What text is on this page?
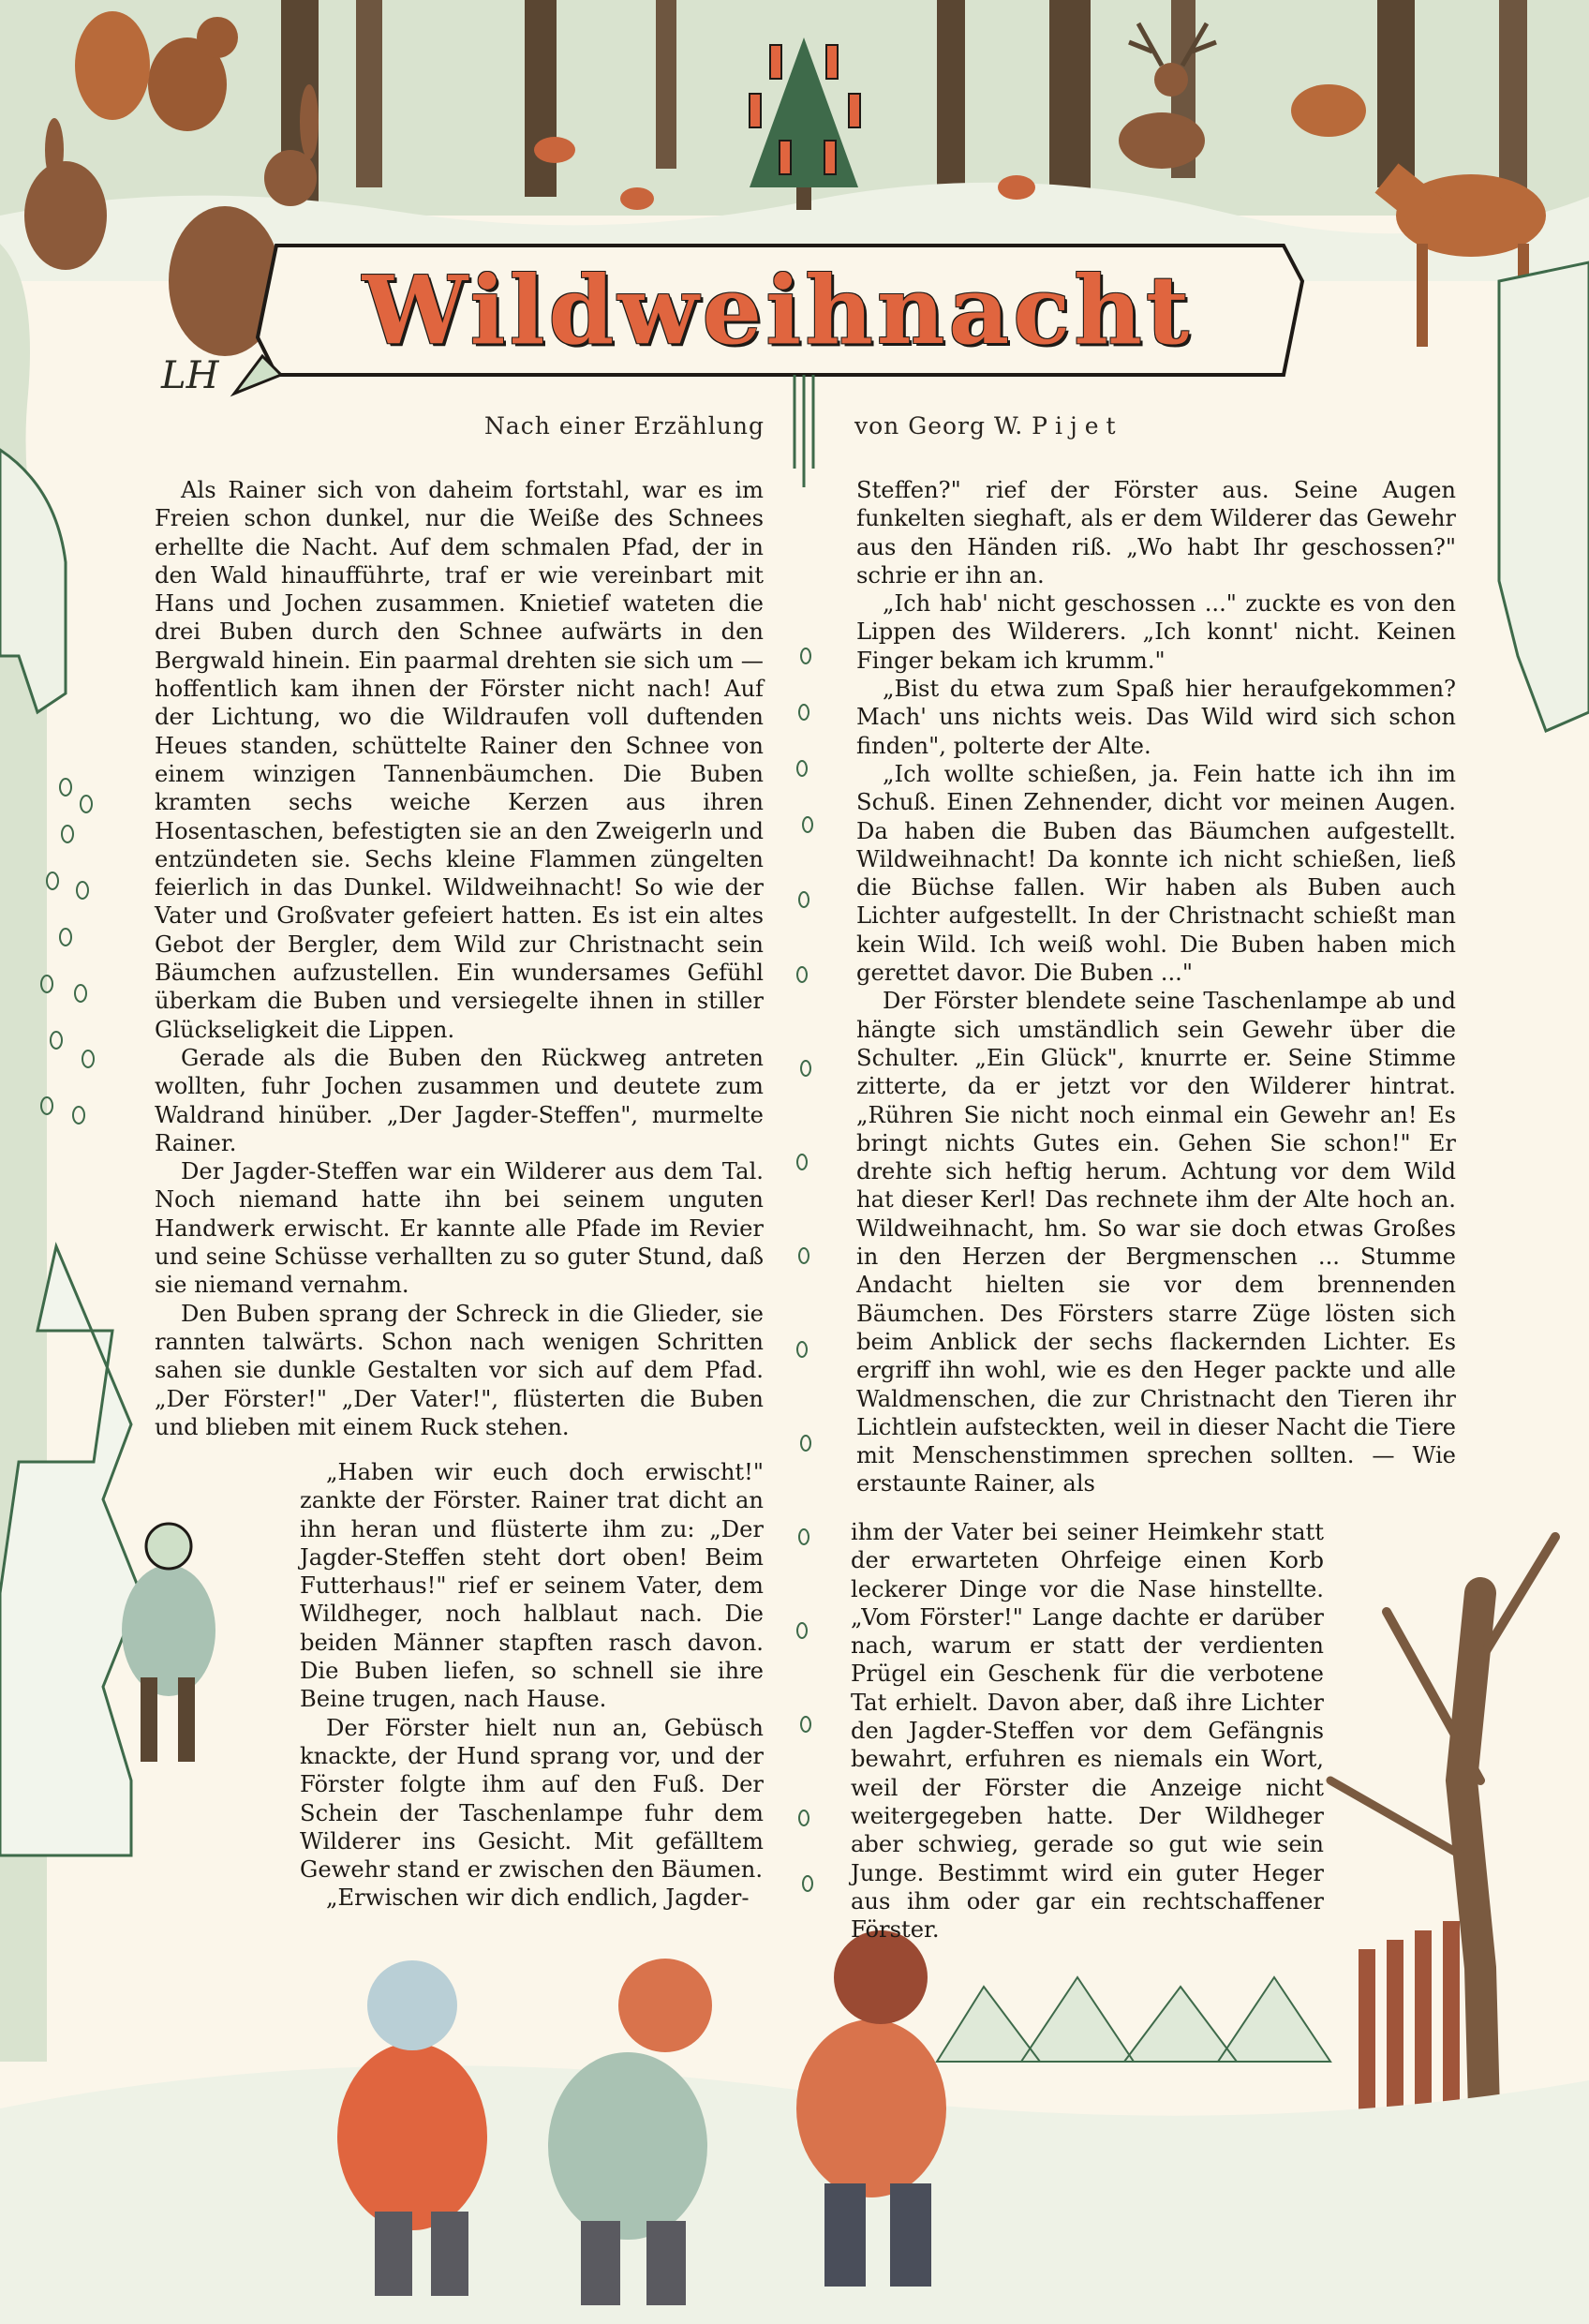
Wildweihnacht
LH
Nach einer Erzählung	von Georg W. Pijet

Als Rainer sich von daheim fortstahl, war es im Freien schon dunkel, nur die Weiße des Schnees erhellte die Nacht. Auf dem schmalen Pfad, der in den Wald hinaufführte, traf er wie vereinbart mit Hans und Jochen zusammen. Knietief wateten die drei Buben durch den Schnee aufwärts in den Bergwald hinein. Ein paarmal drehten sie sich um — hoffentlich kam ihnen der Förster nicht nach! Auf der Lichtung, wo die Wildraufen voll duftenden Heues standen, schüttelte Rainer den Schnee von einem winzigen Tannenbäumchen. Die Buben kramten sechs weiche Kerzen aus ihren Hosentaschen, befestigten sie an den Zweigerln und entzündeten sie. Sechs kleine Flammen züngelten feierlich in das Dunkel. Wildweihnacht! So wie der Vater und Großvater gefeiert hatten. Es ist ein altes Gebot der Bergler, dem Wild zur Christnacht sein Bäumchen aufzustellen. Ein wundersames Gefühl überkam die Buben und versiegelte ihnen in stiller Glückseligkeit die Lippen.

Gerade als die Buben den Rückweg antreten wollten, fuhr Jochen zusammen und deutete zum Waldrand hinüber. „Der Jagder-Steffen", murmelte Rainer.

Der Jagder-Steffen war ein Wilderer aus dem Tal. Noch niemand hatte ihn bei seinem unguten Handwerk erwischt. Er kannte alle Pfade im Revier und seine Schüsse verhallten zu so guter Stund, daß sie niemand vernahm.

Den Buben sprang der Schreck in die Glieder, sie rannten talwärts. Schon nach wenigen Schritten sahen sie dunkle Gestalten vor sich auf dem Pfad. „Der Förster!" „Der Vater!", flüsterten die Buben und blieben mit einem Ruck stehen.

„Haben wir euch doch erwischt!" zankte der Förster. Rainer trat dicht an ihn heran und flüsterte ihm zu: „Der Jagder-Steffen steht dort oben! Beim Futterhaus!" rief er seinem Vater, dem Wildheger, noch halblaut nach. Die beiden Männer stapften rasch davon. Die Buben liefen, so schnell sie ihre Beine trugen, nach Hause.

Der Förster hielt nun an, Gebüsch knackte, der Hund sprang vor, und der Förster folgte ihm auf den Fuß. Der Schein der Taschenlampe fuhr dem Wilderer ins Gesicht. Mit gefälltem Gewehr stand er zwischen den Bäumen.

„Erwischen wir dich endlich, Jagder-

Steffen?" rief der Förster aus. Seine Augen funkelten sieghaft, als er dem Wilderer das Gewehr aus den Händen riß. „Wo habt Ihr geschossen?" schrie er ihn an.

„Ich hab' nicht geschossen ..." zuckte es von den Lippen des Wilderers. „Ich konnt' nicht. Keinen Finger bekam ich krumm."

„Bist du etwa zum Spaß hier heraufgekommen? Mach' uns nichts weis. Das Wild wird sich schon finden", polterte der Alte.

„Ich wollte schießen, ja. Fein hatte ich ihn im Schuß. Einen Zehnender, dicht vor meinen Augen. Da haben die Buben das Bäumchen aufgestellt. Wildweihnacht! Da konnte ich nicht schießen, ließ die Büchse fallen. Wir haben als Buben auch Lichter aufgestellt. In der Christnacht schießt man kein Wild. Ich weiß wohl. Die Buben haben mich gerettet davor. Die Buben ..."

Der Förster blendete seine Taschenlampe ab und hängte sich umständlich sein Gewehr über die Schulter. „Ein Glück", knurrte er. Seine Stimme zitterte, da er jetzt vor den Wilderer hintrat. „Rühren Sie nicht noch einmal ein Gewehr an! Es bringt nichts Gutes ein. Gehen Sie schon!" Er drehte sich heftig herum. Achtung vor dem Wild hat dieser Kerl! Das rechnete ihm der Alte hoch an. Wildweihnacht, hm. So war sie doch etwas Großes in den Herzen der Bergmenschen ... Stumme Andacht hielten sie vor dem brennenden Bäumchen. Des Försters starre Züge lösten sich beim Anblick der sechs flackernden Lichter. Es ergriff ihn wohl, wie es den Heger packte und alle Waldmenschen, die zur Christnacht den Tieren ihr Lichtlein aufsteckten, weil in dieser Nacht die Tiere mit Menschenstimmen sprechen sollten. — Wie erstaunte Rainer, als

ihm der Vater bei seiner Heimkehr statt der erwarteten Ohrfeige einen Korb leckerer Dinge vor die Nase hinstellte. „Vom Förster!" Lange dachte er darüber nach, warum er statt der verdienten Prügel ein Geschenk für die verbotene Tat erhielt. Davon aber, daß ihre Lichter den Jagder-Steffen vor dem Gefängnis bewahrt, erfuhren es niemals ein Wort, weil der Förster die Anzeige nicht weitergegeben hatte. Der Wildheger aber schwieg, gerade so gut wie sein Junge. Bestimmt wird ein guter Heger aus ihm oder gar ein rechtschaffener Förster.
